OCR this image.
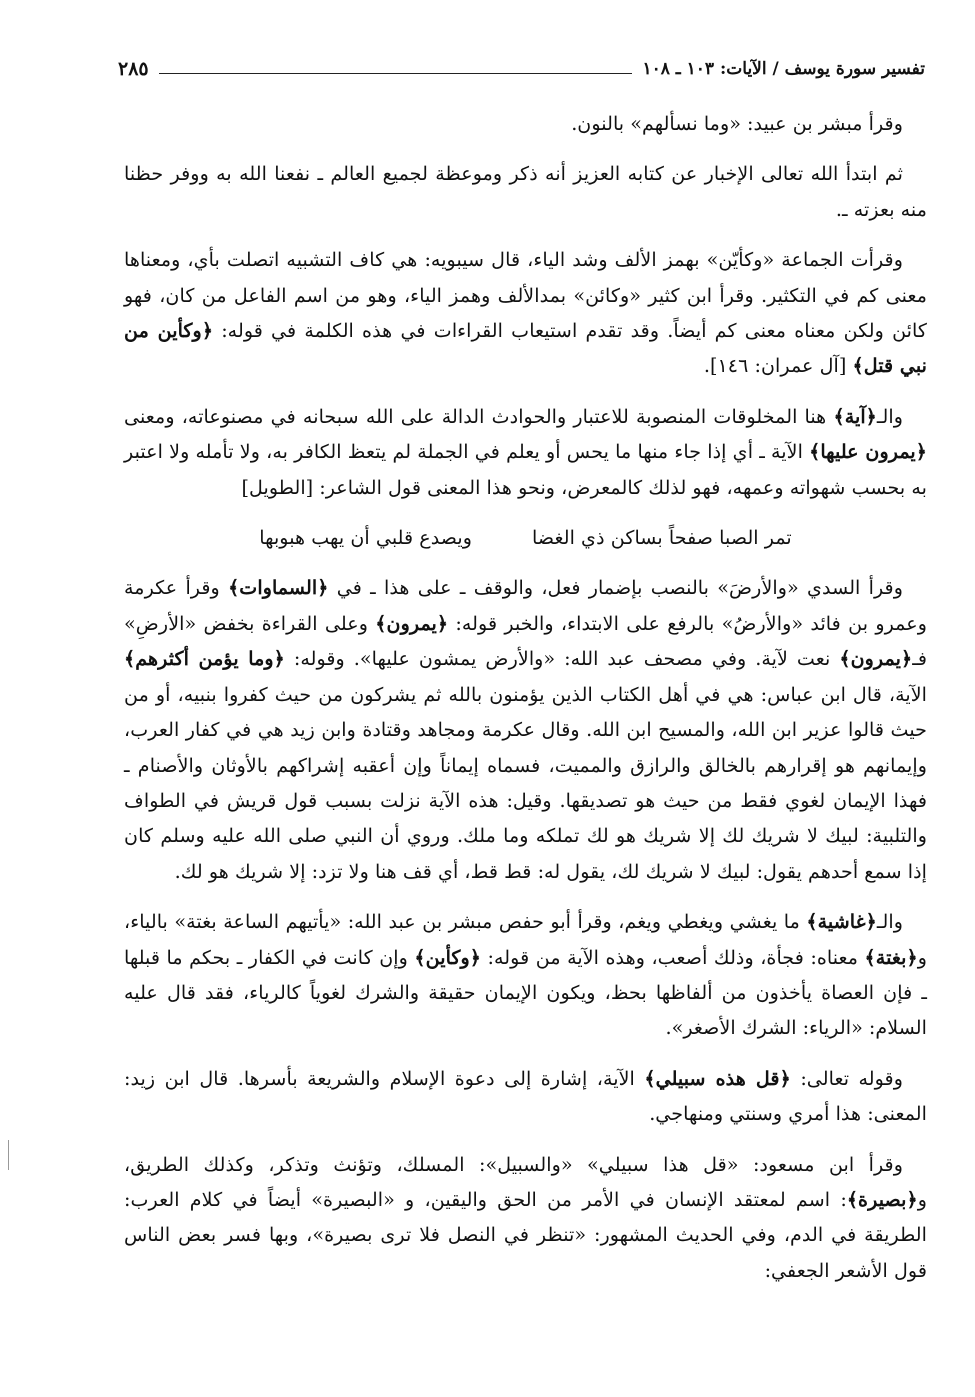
تفسير سورة يوسف / الآيات: ١٠٣ ـ ١٠٨
٢٨٥

وقرأ مبشر بن عبيد: «وما نسألهم» بالنون.

ثم ابتدأ الله تعالى الإخبار عن كتابه العزيز أنه ذكر وموعظة لجميع العالم ـ نفعنا الله به ووفر حظنا منه بعزته ـ.

وقرأت الجماعة «وكأيّن» بهمز الألف وشد الياء، قال سيبويه: هي كاف التشبيه اتصلت بأي، ومعناها معنى كم في التكثير. وقرأ ابن كثير «وكائن» بمدالألف وهمز الياء، وهو من اسم الفاعل من كان، فهو كائن ولكن معناه معنى كم أيضاً. وقد تقدم استيعاب القراءات في هذه الكلمة في قوله: ﴿وكأين من نبي قتل﴾ [آل عمران: ١٤٦].

والـ﴿آية﴾ هنا المخلوقات المنصوبة للاعتبار والحوادث الدالة على الله سبحانه في مصنوعاته، ومعنى ﴿يمرون عليها﴾ الآية ـ أي إذا جاء منها ما يحس أو يعلم في الجملة لم يتعظ الكافر به، ولا تأمله ولا اعتبر به بحسب شهواته وعمهه، فهو لذلك كالمعرض، ونحو هذا المعنى قول الشاعر: [الطويل]

تمر الصبا صفحاً بساكن ذي الغضا
ويصدع قلبي أن يهب هبوبها

وقرأ السدي «والأرضَ» بالنصب بإضمار فعل، والوقف ـ على هذا ـ في ﴿السماوات﴾ وقرأ عكرمة وعمرو بن فائد «والأرضُ» بالرفع على الابتداء، والخبر قوله: ﴿يمرون﴾ وعلى القراءة بخفض «الأرضِ» فـ﴿يمرون﴾ نعت لآية. وفي مصحف عبد الله: «والأرض يمشون عليها». وقوله: ﴿وما يؤمن أكثرهم﴾ الآية، قال ابن عباس: هي في أهل الكتاب الذين يؤمنون بالله ثم يشركون من حيث كفروا بنبيه، أو من حيث قالوا عزير ابن الله، والمسيح ابن الله. وقال عكرمة ومجاهد وقتادة وابن زيد هي في كفار العرب، وإيمانهم هو إقرارهم بالخالق والرازق والمميت، فسماه إيماناً وإن أعقبه إشراكهم بالأوثان والأصنام ـ فهذا الإيمان لغوي فقط من حيث هو تصديقها. وقيل: هذه الآية نزلت بسبب قول قريش في الطواف والتلبية: لبيك لا شريك لك إلا شريك هو لك تملكه وما ملك. وروي أن النبي صلى الله عليه وسلم كان إذا سمع أحدهم يقول: لبيك لا شريك لك، يقول له: قط قط، أي قف هنا ولا تزد: إلا شريك هو لك.

والـ﴿غاشية﴾ ما يغشي ويغطي ويغم، وقرأ أبو حفص مبشر بن عبد الله: «يأتيهم الساعة بغتة» بالياء، و﴿بغتة﴾ معناه: فجأة، وذلك أصعب، وهذه الآية من قوله: ﴿وكأين﴾ وإن كانت في الكفار ـ بحكم ما قبلها ـ فإن العصاة يأخذون من ألفاظها بحظ، ويكون الإيمان حقيقة والشرك لغوياً كالرياء، فقد قال عليه السلام: «الرياء: الشرك الأصغر».

وقوله تعالى: ﴿قل هذه سبيلي﴾ الآية، إشارة إلى دعوة الإسلام والشريعة بأسرها. قال ابن زيد: المعنى: هذا أمري وسنتي ومنهاجي.

وقرأ ابن مسعود: «قل هذا سبيلي» «والسبيل»: المسلك، وتؤنث وتذكر، وكذلك الطريق، و﴿بصيرة﴾: اسم لمعتقد الإنسان في الأمر من الحق واليقين، و «البصيرة» أيضاً في كلام العرب: الطريقة في الدم، وفي الحديث المشهور: «تنظر في النصل فلا ترى بصيرة»، وبها فسر بعض الناس قول الأشعر الجعفي:
